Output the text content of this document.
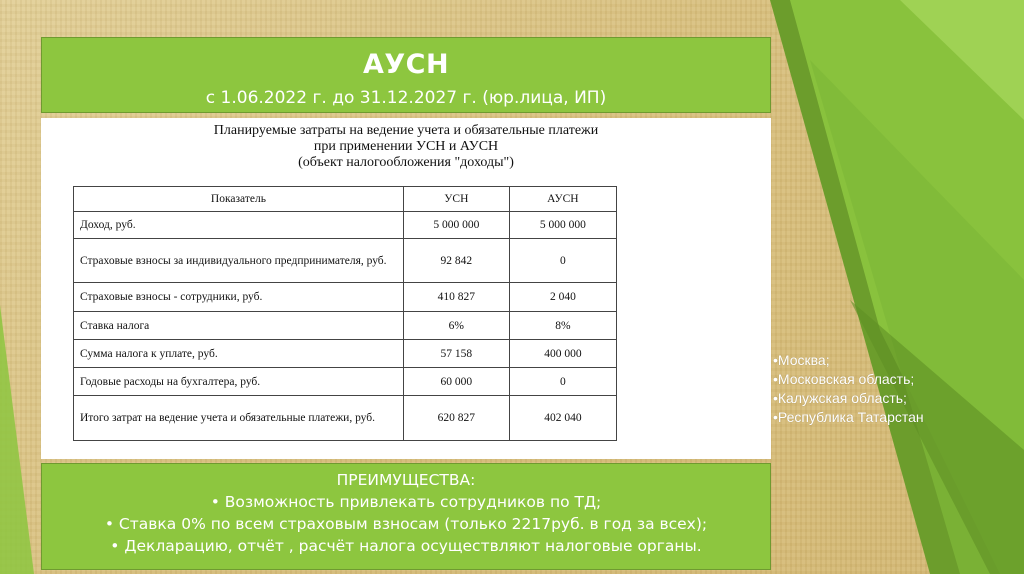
АУСН
с 1.06.2022 г. до 31.12.2027 г. (юр.лица, ИП)
Планируемые затраты на ведение учета и обязательные платежи
при применении УСН и АУСН
(объект налогообложения "доходы")
Показатель	УСН	АУСН
Доход, руб.	5 000 000	5 000 000
Страховые взносы за индивидуального предпринимателя, руб.	92 842	0
Страховые взносы - сотрудники, руб.	410 827	2 040
Ставка налога	6%	8%
Сумма налога к уплате, руб.	57 158	400 000
Годовые расходы на бухгалтера, руб.	60 000	0
Итого затрат на ведение учета и обязательные платежи, руб.	620 827	402 040
•Москва;
•Московская область;
•Калужская область;
•Республика Татарстан
ПРЕИМУЩЕСТВА:
• Возможность привлекать сотрудников по ТД;
• Ставка 0% по всем страховым взносам (только 2217руб. в год за всех);
• Декларацию, отчёт , расчёт налога осуществляют налоговые органы.
